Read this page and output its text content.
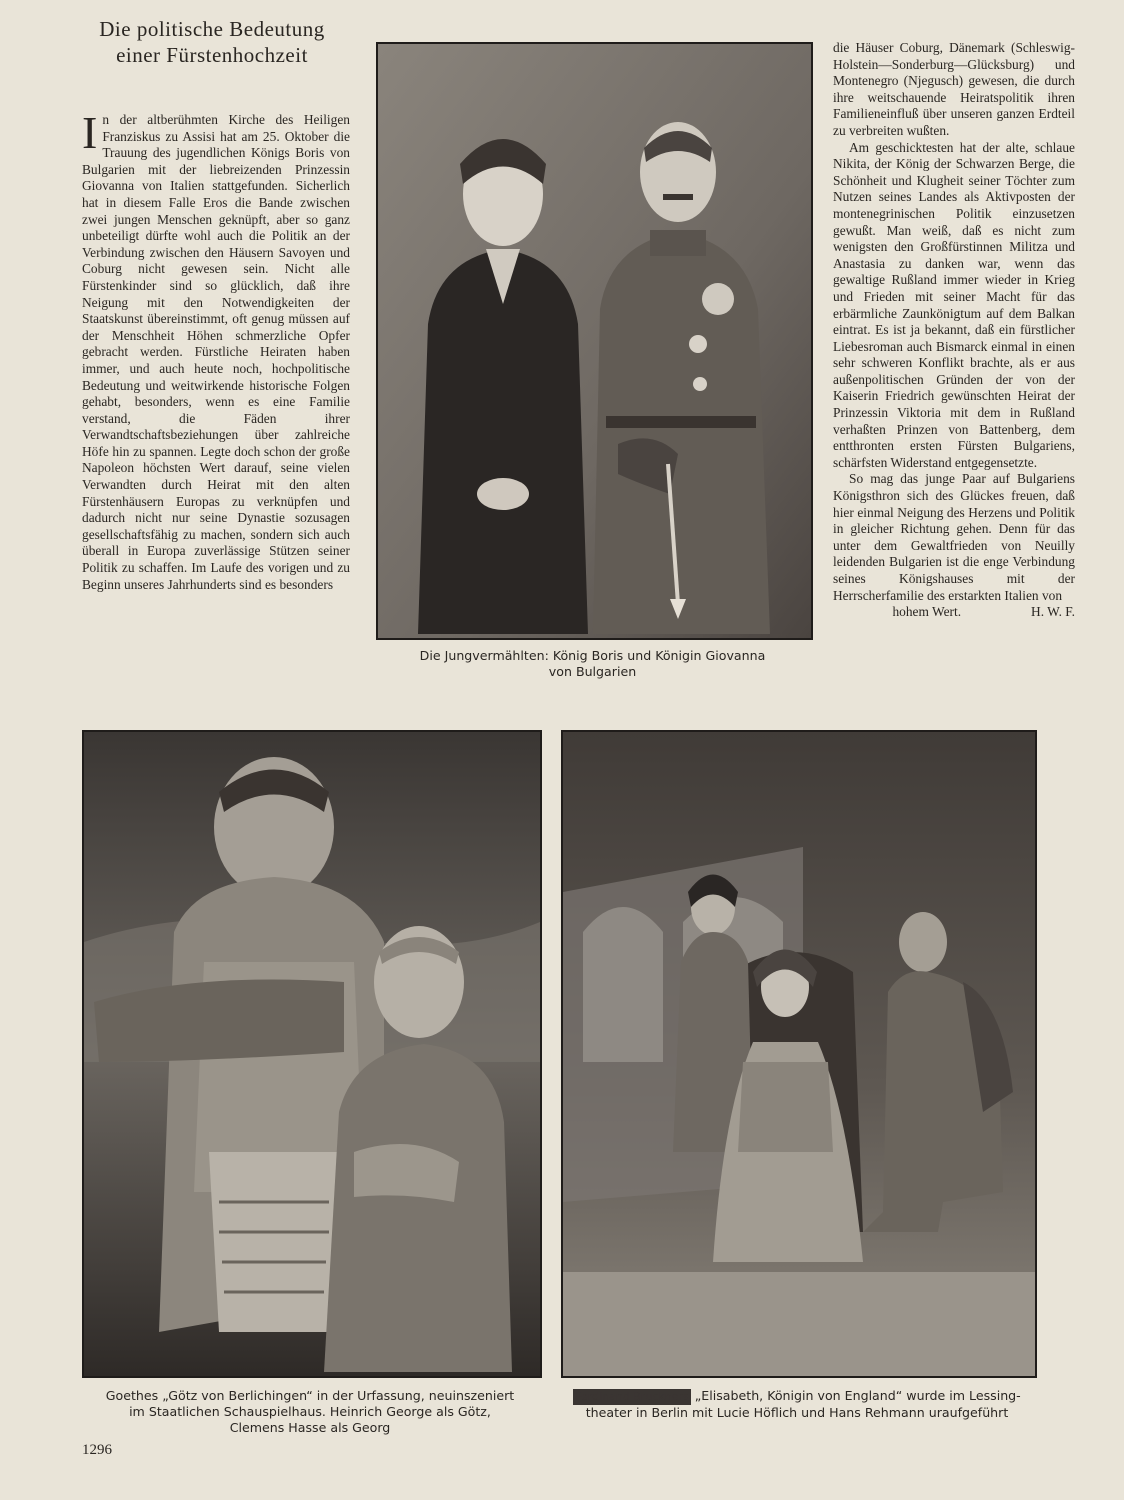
Die politische Bedeutung
einer Fürstenhochzeit

In der altberühmten Kirche des Heiligen Franziskus zu Assisi hat am 25. Oktober die Trauung des jugendlichen Königs Boris von Bulgarien mit der liebreizenden Prinzessin Giovanna von Italien stattgefunden. Sicherlich hat in diesem Falle Eros die Bande zwischen zwei jungen Menschen geknüpft, aber so ganz unbeteiligt dürfte wohl auch die Politik an der Verbindung zwischen den Häusern Savoyen und Coburg nicht gewesen sein. Nicht alle Fürstenkinder sind so glücklich, daß ihre Neigung mit den Notwendigkeiten der Staatskunst übereinstimmt, oft genug müssen auf der Menschheit Höhen schmerzliche Opfer gebracht werden. Fürstliche Heiraten haben immer, und auch heute noch, hochpolitische Bedeutung und weitwirkende historische Folgen gehabt, besonders, wenn es eine Familie verstand, die Fäden ihrer Verwandtschaftsbeziehungen über zahlreiche Höfe hin zu spannen. Legte doch schon der große Napoleon höchsten Wert darauf, seine vielen Verwandten durch Heirat mit den alten Fürstenhäusern Europas zu verknüpfen und dadurch nicht nur seine Dynastie sozusagen gesellschaftsfähig zu machen, sondern sich auch überall in Europa zuverlässige Stützen seiner Politik zu schaffen. Im Laufe des vorigen und zu Beginn unseres Jahrhunderts sind es besonders

die Häuser Coburg, Dänemark (Schleswig-Holstein—Sonderburg—Glücksburg) und Montenegro (Njegusch) gewesen, die durch ihre weitschauende Heiratspolitik ihren Familieneinfluß über unseren ganzen Erdteil zu verbreiten wußten.

Am geschicktesten hat der alte, schlaue Nikita, der König der Schwarzen Berge, die Schönheit und Klugheit seiner Töchter zum Nutzen seines Landes als Aktivposten der montenegrinischen Politik einzusetzen gewußt. Man weiß, daß es nicht zum wenigsten den Großfürstinnen Militza und Anastasia zu danken war, wenn das gewaltige Rußland immer wieder in Krieg und Frieden mit seiner Macht für das erbärmliche Zaunkönigtum auf dem Balkan eintrat. Es ist ja bekannt, daß ein fürstlicher Liebesroman auch Bismarck einmal in einen sehr schweren Konflikt brachte, als er aus außenpolitischen Gründen der von der Kaiserin Friedrich gewünschten Heirat der Prinzessin Viktoria mit dem in Rußland verhaßten Prinzen von Battenberg, dem entthronten ersten Fürsten Bulgariens, schärfsten Widerstand entgegensetzte.

So mag das junge Paar auf Bulgariens Königsthron sich des Glückes freuen, daß hier einmal Neigung des Herzens und Politik in gleicher Richtung gehen. Denn für das unter dem Gewaltfrieden von Neuilly leidenden Bulgarien ist die enge Verbindung seines Königshauses mit der Herrscherfamilie des erstarkten Italien von

hohem Wert.	H. W. F.
Die Jungvermählten: König Boris und Königin Giovanna
von Bulgarien
Goethes „Götz von Berlichingen“ in der Urfassung, neuinszeniert
im Staatlichen Schauspielhaus. Heinrich George als Götz,
Clemens Hasse als Georg
Ferdinand Bruckners „Elisabeth, Königin von England“ wurde im Lessing-
theater in Berlin mit Lucie Höflich und Hans Rehmann uraufgeführt
1296
